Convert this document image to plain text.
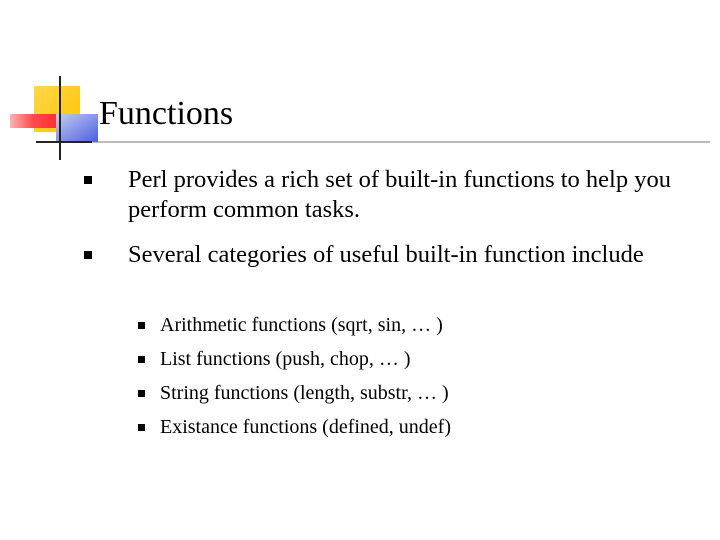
Functions
Perl provides a rich set of built-in functions to help you perform common tasks.
Several categories of useful built-in function include
Arithmetic functions (sqrt, sin, … )
List functions (push, chop, … )
String functions (length, substr, … )
Existance functions (defined, undef)
